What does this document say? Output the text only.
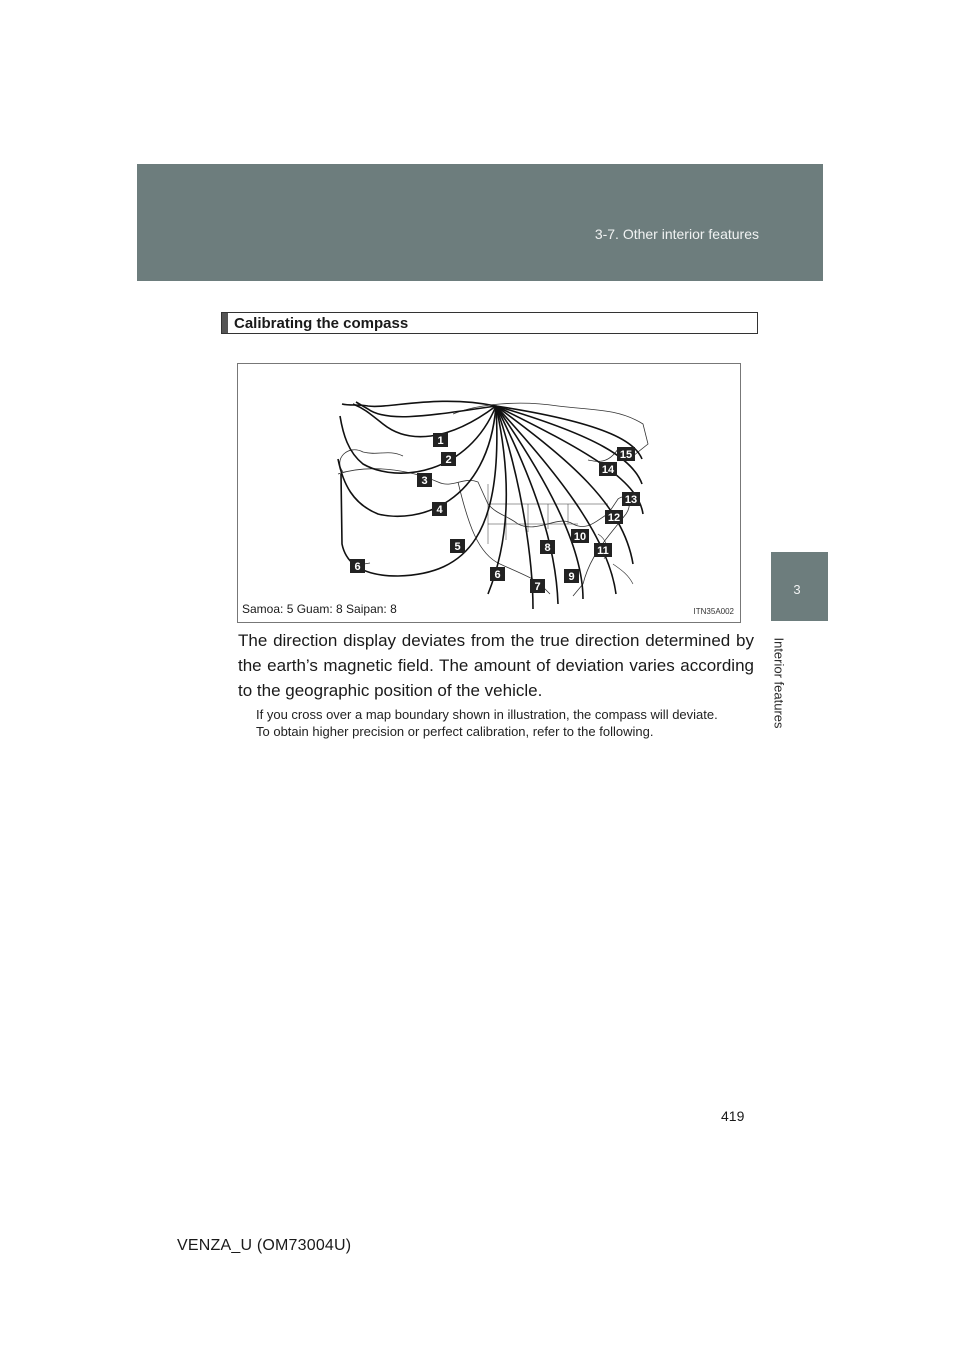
3-7. Other interior features
3
Interior features
Calibrating the compass
1
2
3
4
5
6
6
7
8
9
10
11
12
13
14
15
Samoa: 5 Guam: 8 Saipan: 8	ITN35A002
The direction display deviates from the true direction determined by the earth’s magnetic field. The amount of deviation varies according to the geographic position of the vehicle.

If you cross over a map boundary shown in illustration, the compass will deviate.

To obtain higher precision or perfect calibration, refer to the following.

419
VENZA_U (OM73004U)
